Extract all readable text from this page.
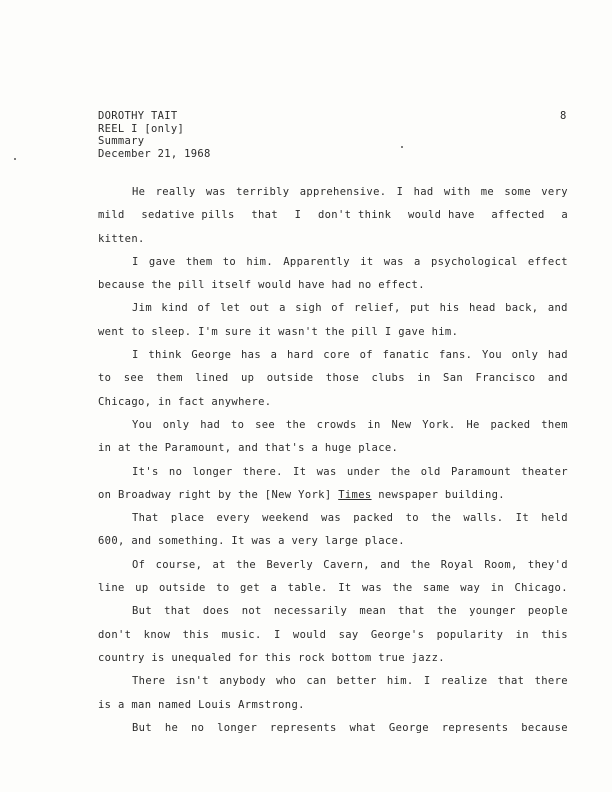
DOROTHY TAIT
REEL I [only]
Summary
December 21, 1968
8
He really was terribly apprehensive. I had with me some very
mild sedative pills that I don't think would have affected a
kitten.
I gave them to him. Apparently it was a psychological effect
because the pill itself would have had no effect.
Jim kind of let out a sigh of relief, put his head back, and
went to sleep. I'm sure it wasn't the pill I gave him.
I think George has a hard core of fanatic fans. You only had
to see them lined up outside those clubs in San Francisco and
Chicago, in fact anywhere.
You only had to see the crowds in New York. He packed them
in at the Paramount, and that's a huge place.
It's no longer there. It was under the old Paramount theater
on Broadway right by the [New York] Times newspaper building.
That place every weekend was packed to the walls. It held
600, and something. It was a very large place.
Of course, at the Beverly Cavern, and the Royal Room, they'd
line up outside to get a table. It was the same way in Chicago.
But that does not necessarily mean that the younger people
don't know this music. I would say George's popularity in this
country is unequaled for this rock bottom true jazz.
There isn't anybody who can better him. I realize that there
is a man named Louis Armstrong.
But he no longer represents what George represents because
